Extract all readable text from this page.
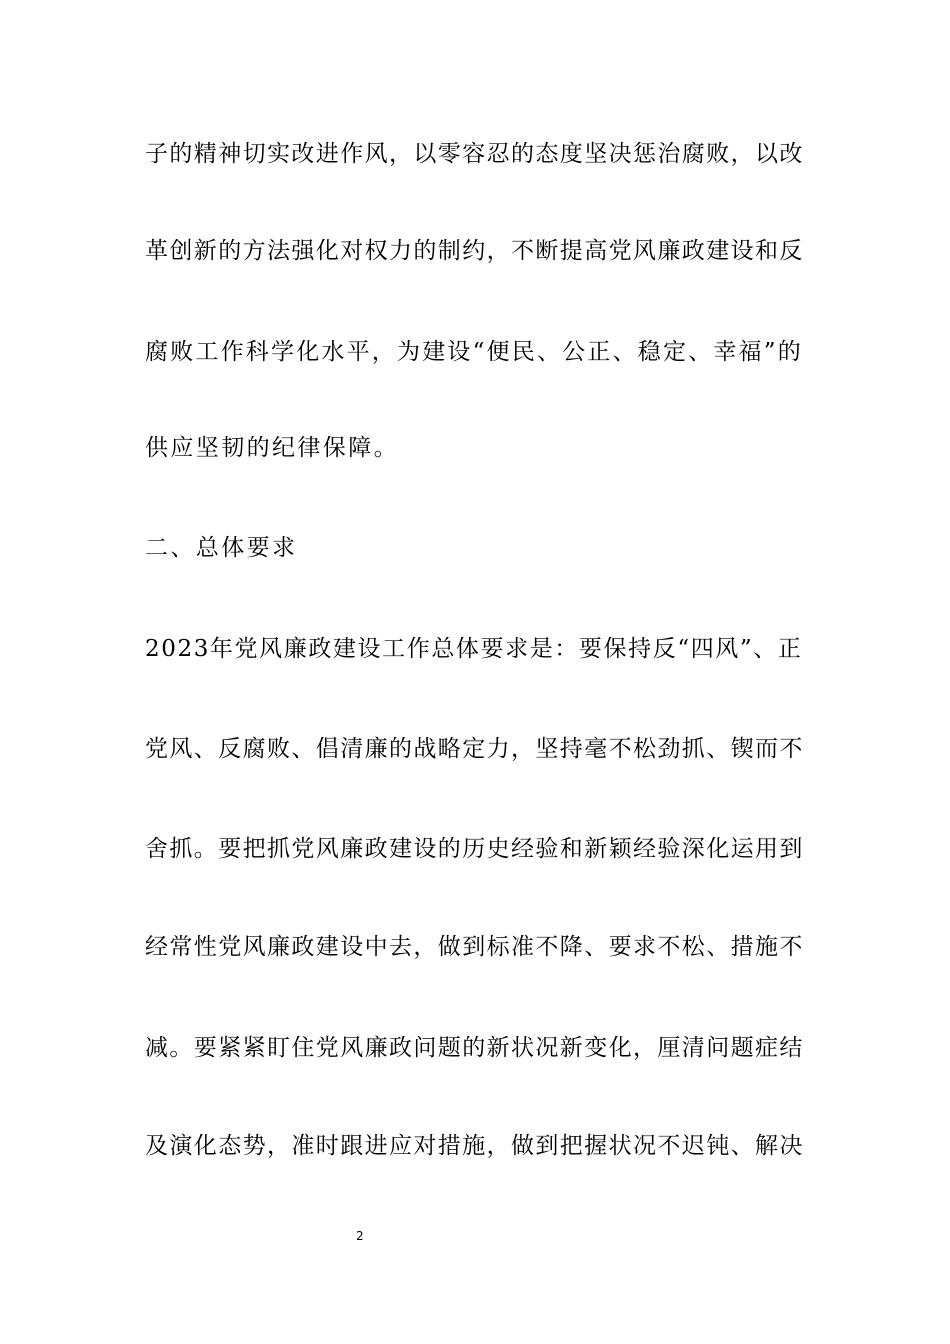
子的精神切实改进作风，以零容忍的态度坚决惩治腐败，以改
革创新的方法强化对权力的制约，不断提高党风廉政建设和反
腐败工作科学化水平，为建设“便民、公正、稳定、幸福”的
供应坚韧的纪律保障。
二、总体要求
2023年党风廉政建设工作总体要求是：要保持反“四风”、正
党风、反腐败、倡清廉的战略定力，坚持毫不松劲抓、锲而不
舍抓。要把抓党风廉政建设的历史经验和新颖经验深化运用到
经常性党风廉政建设中去，做到标准不降、要求不松、措施不
减。要紧紧盯住党风廉政问题的新状况新变化，厘清问题症结
及演化态势，准时跟进应对措施，做到把握状况不迟钝、解决
2
